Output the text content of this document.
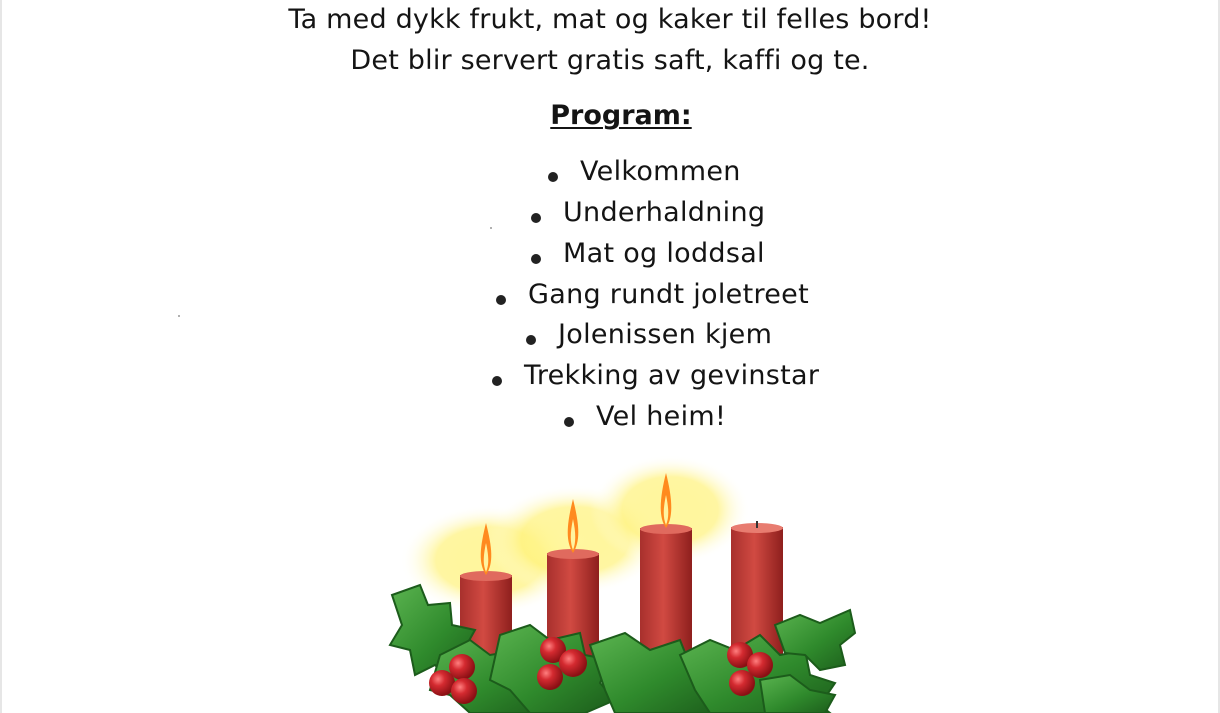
Ta med dykk frukt, mat og kaker til felles bord!
Det blir servert gratis saft, kaffi og te.
Program:
Velkommen
Underhaldning
Mat og loddsal
Gang rundt joletreet
Jolenissen kjem
Trekking av gevinstar
Vel heim!
